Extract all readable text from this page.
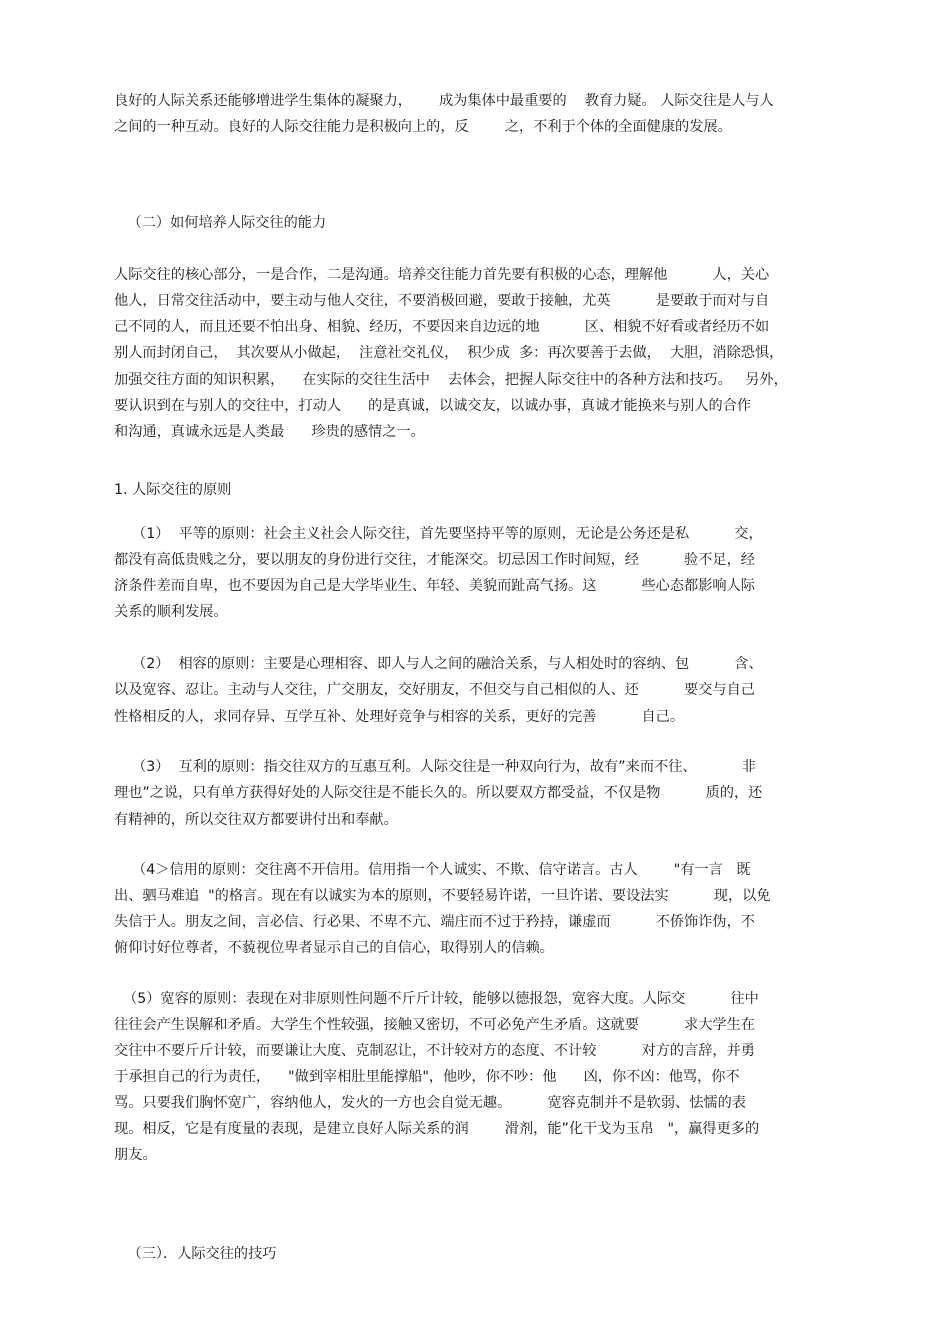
良好的人际关系还能够增进学生集体的凝聚力，      成为集体中最重要的    教育力疑。 人际交往是人与人
之间的一种互动。良好的人际交往能力是积极向上的，反        之，不利于个体的全面健康的发展。
（二）如何培养人际交往的能力
人际交往的核心部分，一是合作，二是沟通。培养交往能力首先要有积极的心态，理解他          人，关心
他人，日常交往活动中，要主动与他人交往，不要消极回避，要敢于接触，尤英          是要敢于而对与自
己不同的人，而且还要不怕出身、相貌、经历，不要因来自边远的地          区、相貌不好看或者经历不如
别人而封闭自己，  其次要从小做起，  注意社交礼仪，  积少成  多：再次要善于去做，  大胆，消除恐惧，
加强交往方面的知识积累，    在实际的交往生活中    去体会，把握人际交往中的各种方法和技巧。   另外，
要认识到在与别人的交往中，打动人      的是真诚，以诚交友，以诚办事，真诚才能换来与别人的合作
和沟通，真诚永远是人类最      珍贵的感情之一。
1. 人际交往的原则
（1）  平等的原则：社会主义社会人际交往，首先要坚持平等的原则，无论是公务还是私          交，
都没有高低贵贱之分，要以朋友的身份进行交往，才能深交。切忌因工作时间短，经          验不足，经
济条件差而自卑，也不要因为自己是大学毕业生、年轻、美貌而趾高气扬。这          些心态都影响人际
关系的顺利发展。
（2）  相容的原则：主要是心理相容、即人与人之间的融洽关系，与人相处时的容纳、包          含、
以及宽容、忍让。主动与人交往，广交朋友，交好朋友，不但交与自己相似的人、还          要交与自己
性格相反的人，求同存异、互学互补、处理好竞争与相容的关系，更好的完善          自己。
（3）  互利的原则：指交往双方的互惠互利。人际交往是一种双向行为，故有”来而不往、          非
理也”之说，只有单方获得好处的人际交往是不能长久的。所以要双方都受益，不仅是物          质的，还
有精神的，所以交往双方都要讲付出和奉献。
（4＞信用的原则：交往离不开信用。信用指一个人诚实、不欺、信守诺言。古人        "有一言   既
出、驷马难追  "的格言。现在有以诚实为本的原则，不要轻易许诺，一旦许诺、要设法实          现，以免
失信于人。朋友之间，言必信、行必果、不卑不亢、端庄而不过于矜持，谦虚而          不侨饰诈伪，不
俯仰讨好位尊者，不藐视位卑者显示自己的自信心，取得别人的信赖。
（5）宽容的原则：表现在对非原则性问题不斤斤计较，能够以德报怨，宽容大度。人际交          往中
往往会产生误解和矛盾。大学生个性较强，接触又密切，不可必免产生矛盾。这就要          求大学生在
交往中不要斤斤计较，而要谦让大度、克制忍让，不计较对方的态度、不计较          对方的言辞，并勇
于承担自己的行为责任，    "做到宰相肚里能撑船"，他吵，你不吵：他      凶，你不凶：他骂，你不
骂。只要我们胸怀宽广，容纳他人，发火的一方也会自觉无趣。        宽容克制并不是软弱、怯懦的表
现。相反，它是有度量的表现，是建立良好人际关系的润        滑剂，能”化干戈为玉帛   "，赢得更多的
朋友。
（三）．人际交往的技巧
